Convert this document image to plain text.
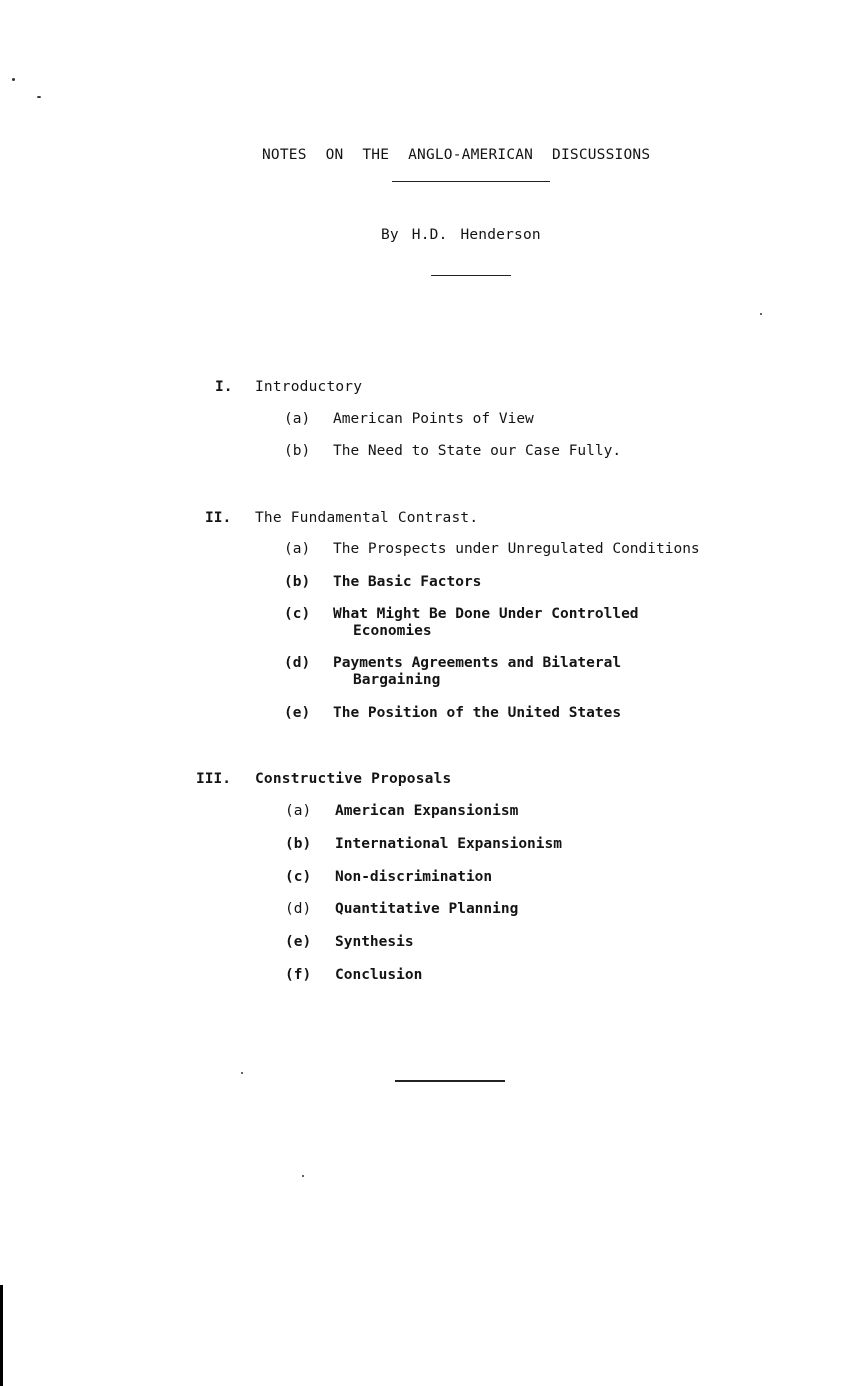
NOTES ON THE ANGLO-AMERICAN DISCUSSIONS
By H.D. Henderson
I. Introductory
(a) American Points of View
(b) The Need to State our Case Fully.
II. The Fundamental Contrast.
(a) The Prospects under Unregulated Conditions
(b) The Basic Factors
(c) What Might Be Done Under Controlled
Economies
(d) Payments Agreements and Bilateral
Bargaining
(e) The Position of the United States
III. Constructive Proposals
(a) American Expansionism
(b) International Expansionism
(c) Non-discrimination
(d) Quantitative Planning
(e) Synthesis
(f) Conclusion
